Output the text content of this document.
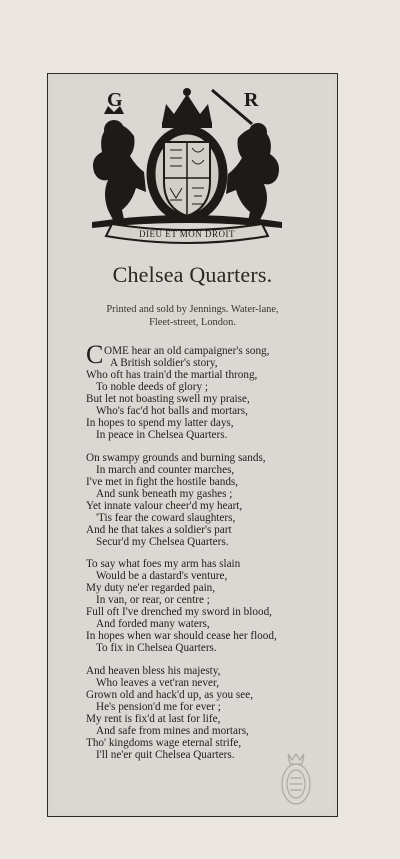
G	R
DIEU ET MON DROIT
Chelsea Quarters.
Printed and sold by Jennings. Water-lane,
Fleet-street, London.
C OME hear an old campaigner's song,
A British soldier's story,
Who oft has train'd the martial throng,
To noble deeds of glory ;
But let not boasting swell my praise,
Who's fac'd hot balls and mortars,
In hopes to spend my latter days,
In peace in Chelsea Quarters.
On swampy grounds and burning sands,
In march and counter marches,
I've met in fight the hostile bands,
And sunk beneath my gashes ;
Yet innate valour cheer'd my heart,
'Tis fear the coward slaughters,
And he that takes a soldier's part
Secur'd my Chelsea Quarters.
To say what foes my arm has slain
Would be a dastard's venture,
My duty ne'er regarded pain,
In van, or rear, or centre ;
Full oft I've drenched my sword in blood,
And forded many waters,
In hopes when war should cease her flood,
To fix in Chelsea Quarters.
And heaven bless his majesty,
Who leaves a vet'ran never,
Grown old and hack'd up, as you see,
He's pension'd me for ever ;
My rent is fix'd at last for life,
And safe from mines and mortars,
Tho' kingdoms wage eternal strife,
I'll ne'er quit Chelsea Quarters.
